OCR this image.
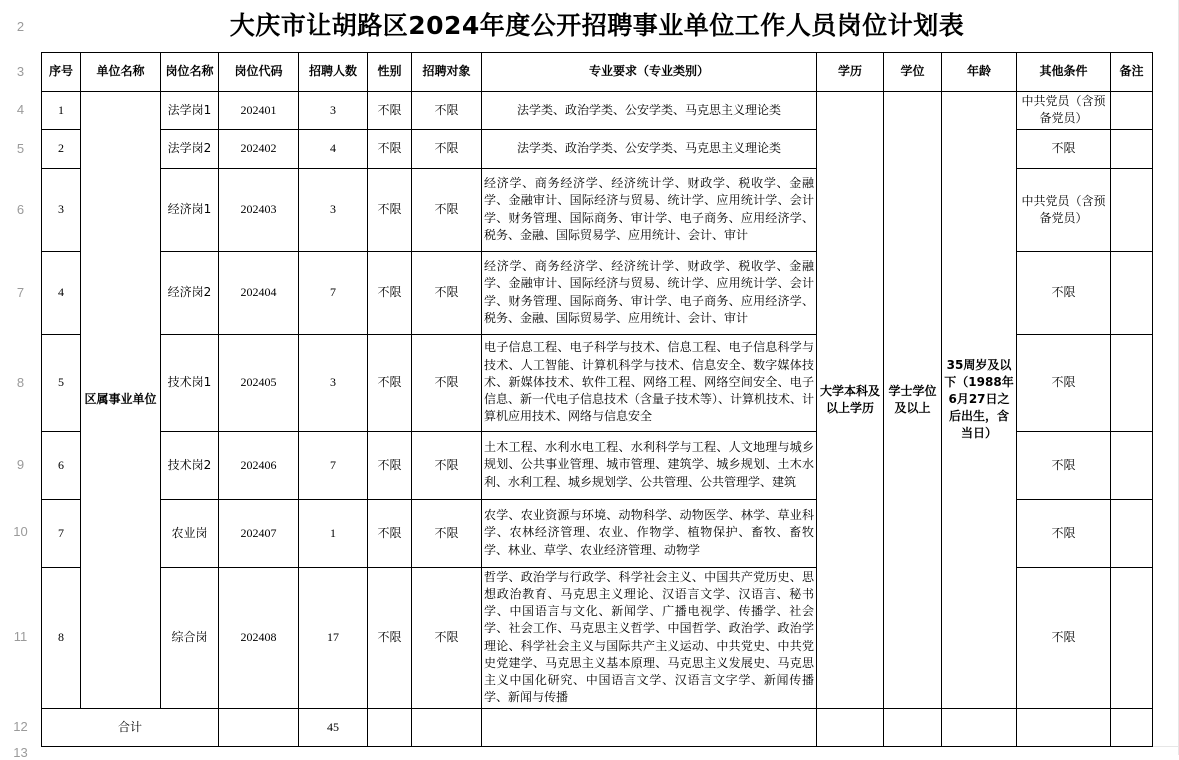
2
3
4
5
6
7
8
9
10
11
12
13
大庆市让胡路区2024年度公开招聘事业单位工作人员岗位计划表												
序号	单位名称	岗位名称	岗位代码	招聘人数	性别	招聘对象	专业要求（专业类别）	学历	学位	年龄	其他条件	备注
1	区属事业单位	法学岗1	202401	3	不限	不限	法学类、政治学类、公安学类、马克思主义理论类	大学本科及以上学历	学士学位及以上	35周岁及以下（1988年6月27日之后出生，含当日）	中共党员（含预备党员）	
2		法学岗2	202402	4	不限	不限	法学类、政治学类、公安学类、马克思主义理论类				不限	
3		经济岗1	202403	3	不限	不限	经济学、商务经济学、经济统计学、财政学、税收学、金融学、金融审计、国际经济与贸易、统计学、应用统计学、会计学、财务管理、国际商务、审计学、电子商务、应用经济学、税务、金融、国际贸易学、应用统计、会计、审计				中共党员（含预备党员）	
4		经济岗2	202404	7	不限	不限	经济学、商务经济学、经济统计学、财政学、税收学、金融学、金融审计、国际经济与贸易、统计学、应用统计学、会计学、财务管理、国际商务、审计学、电子商务、应用经济学、税务、金融、国际贸易学、应用统计、会计、审计				不限	
5		技术岗1	202405	3	不限	不限	电子信息工程、电子科学与技术、信息工程、电子信息科学与技术、人工智能、计算机科学与技术、信息安全、数字媒体技术、新媒体技术、软件工程、网络工程、网络空间安全、电子信息、新一代电子信息技术（含量子技术等）、计算机技术、计算机应用技术、网络与信息安全				不限	
6		技术岗2	202406	7	不限	不限	土木工程、水利水电工程、水利科学与工程、人文地理与城乡规划、公共事业管理、城市管理、建筑学、城乡规划、土木水利、水利工程、城乡规划学、公共管理、公共管理学、建筑				不限	
7		农业岗	202407	1	不限	不限	农学、农业资源与环境、动物科学、动物医学、林学、草业科学、农林经济管理、农业、作物学、植物保护、畜牧、畜牧学、林业、草学、农业经济管理、动物学				不限	
8		综合岗	202408	17	不限	不限	哲学、政治学与行政学、科学社会主义、中国共产党历史、思想政治教育、马克思主义理论、汉语言文学、汉语言、秘书学、中国语言与文化、新闻学、广播电视学、传播学、社会学、社会工作、马克思主义哲学、中国哲学、政治学、政治学理论、科学社会主义与国际共产主义运动、中共党史、中共党史党建学、马克思主义基本原理、马克思主义发展史、马克思主义中国化研究、中国语言文学、汉语言文字学、新闻传播学、新闻与传播				不限	
合计				45								
